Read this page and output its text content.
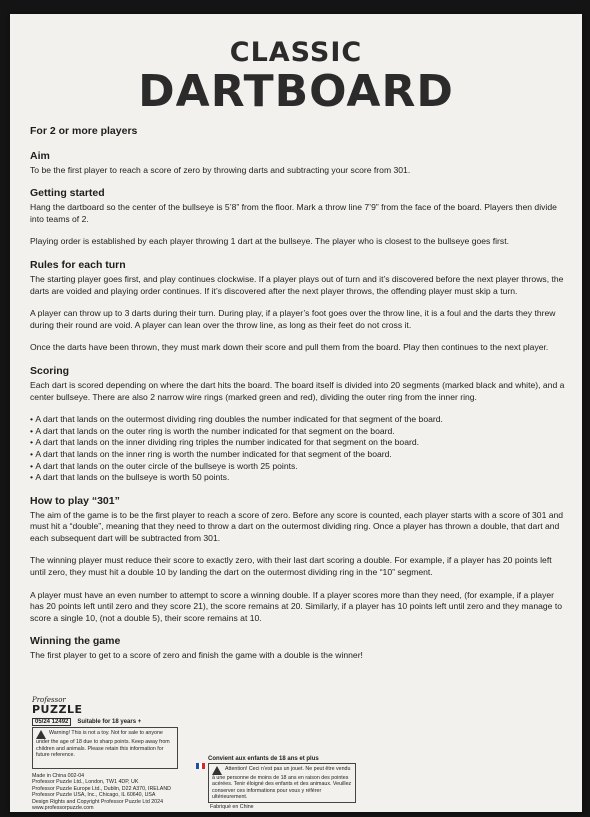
CLASSIC
DARTBOARD
For 2 or more players
Aim

To be the first player to reach a score of zero by throwing darts and subtracting your score from 301.

Getting started

Hang the dartboard so the center of the bullseye is 5’8” from the floor. Mark a throw line 7’9” from the face of the board. Players then divide into teams of 2.

Playing order is established by each player throwing 1 dart at the bullseye. The player who is closest to the bullseye goes first.

Rules for each turn

The starting player goes first, and play continues clockwise. If a player plays out of turn and it’s discovered before the next player throws, the darts are voided and playing order continues. If it’s discovered after the next player throws, the offending player must skip a turn.

A player can throw up to 3 darts during their turn. During play, if a player’s foot goes over the throw line, it is a foul and the darts they threw during their round are void. A player can lean over the throw line, as long as their feet do not cross it.

Once the darts have been thrown, they must mark down their score and pull them from the board. Play then continues to the next player.

Scoring

Each dart is scored depending on where the dart hits the board. The board itself is divided into 20 segments (marked black and white), and a center bullseye. There are also 2 narrow wire rings (marked green and red), dividing the outer ring from the inner ring.

• A dart that lands on the outermost dividing ring doubles the number indicated for that segment of the board.
• A dart that lands on the outer ring is worth the number indicated for that segment on the board.
• A dart that lands on the inner dividing ring triples the number indicated for that segment on the board.
• A dart that lands on the inner ring is worth the number indicated for that segment of the board.
• A dart that lands on the outer circle of the bullseye is worth 25 points.
• A dart that lands on the bullseye is worth 50 points.
How to play “301”

The aim of the game is to be the first player to reach a score of zero. Before any score is counted, each player starts with a score of 301 and must hit a “double”, meaning that they need to throw a dart on the outermost dividing ring. Once a player has thrown a double, that dart and each subsequent dart will be subtracted from 301.

The winning player must reduce their score to exactly zero, with their last dart scoring a double. For example, if a player has 20 points left until zero, they must hit a double 10 by landing the dart on the outermost dividing ring in the “10” segment.

A player must have an even number to attempt to score a winning double. If a player scores more than they need, (for example, if a player has 20 points left until zero and they score 21), the score remains at 20. Similarly, if a player has 10 points left until zero and they manage to score a single 10, (not a double 5), their score remains at 10.

Winning the game

The first player to get to a score of zero and finish the game with a double is the winner!

Professor
PUZZLE
05/24 12492	Suitable for 18 years +
Warning! This is not a toy. Not for sale to anyone under the age of 18 due to sharp points. Keep away from children and animals. Please retain this information for future reference.
Made in China 002-04
Professor Puzzle Ltd., London, TW1 4DP, UK
Professor Puzzle Europe Ltd., Dublin, D22 A370, IRELAND
Professor Puzzle USA, Inc., Chicago, IL 60640, USA
Design Rights and Copyright Professor Puzzle Ltd 2024
www.professorpuzzle.com
Convient aux enfants de 18 ans et plus
Attention! Ceci n’est pas un jouet. Ne peut être vendu à une personne de moins de 18 ans en raison des pointes acérées. Tenir éloigné des enfants et des animaux. Veuillez conserver ces informations pour vous y référer ultérieurement.
Fabriqué en Chine
